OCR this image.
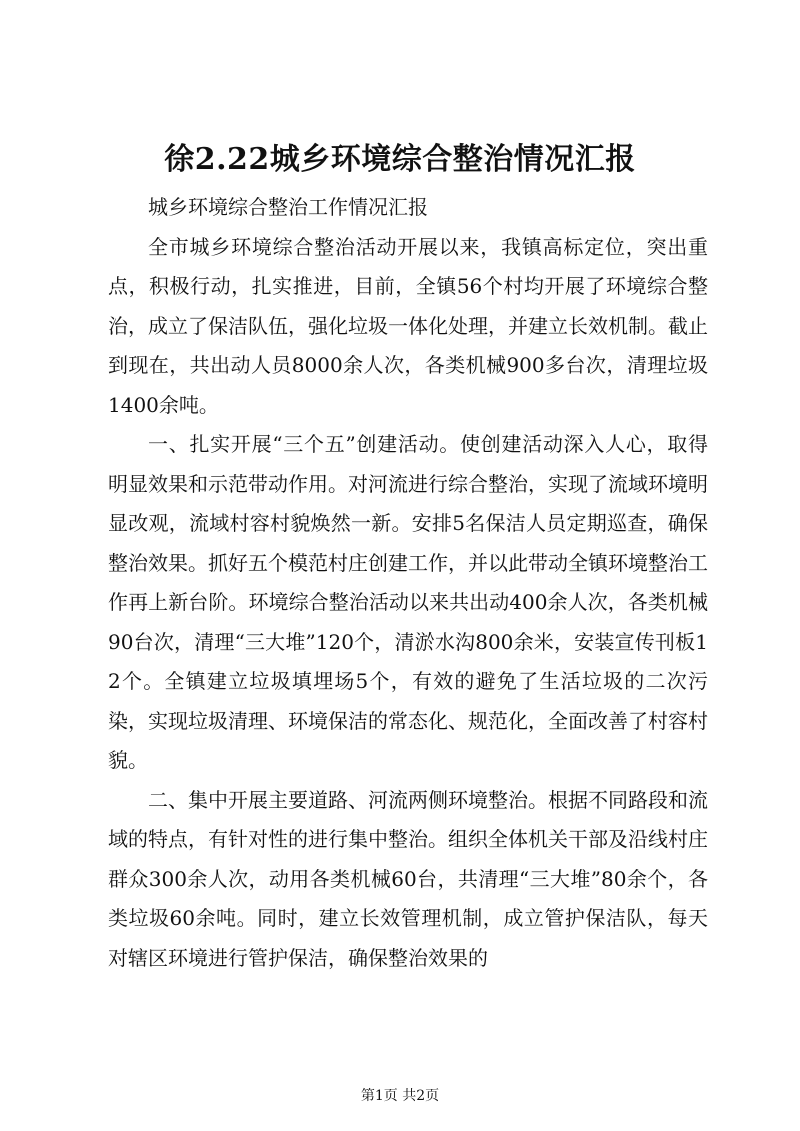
徐2.22城乡环境综合整治情况汇报

城乡环境综合整治工作情况汇报

全市城乡环境综合整治活动开展以来，我镇高标定位，突出重点，积极行动，扎实推进，目前，全镇56个村均开展了环境综合整治，成立了保洁队伍，强化垃圾一体化处理，并建立长效机制。截止到现在，共出动人员8000余人次，各类机械900多台次，清理垃圾1400余吨。

一、扎实开展“三个五”创建活动。使创建活动深入人心，取得明显效果和示范带动作用。对河流进行综合整治，实现了流域环境明显改观，流域村容村貌焕然一新。安排5名保洁人员定期巡查，确保整治效果。抓好五个模范村庄创建工作，并以此带动全镇环境整治工作再上新台阶。环境综合整治活动以来共出动400余人次，各类机械90台次，清理“三大堆”120个，清淤水沟800余米，安装宣传刊板12个。全镇建立垃圾填埋场5个，有效的避免了生活垃圾的二次污染，实现垃圾清理、环境保洁的常态化、规范化，全面改善了村容村貌。

二、集中开展主要道路、河流两侧环境整治。根据不同路段和流域的特点，有针对性的进行集中整治。组织全体机关干部及沿线村庄群众300余人次，动用各类机械60台，共清理“三大堆”80余个，各类垃圾60余吨。同时，建立长效管理机制，成立管护保洁队，每天对辖区环境进行管护保洁，确保整治效果的

第1页 共2页
